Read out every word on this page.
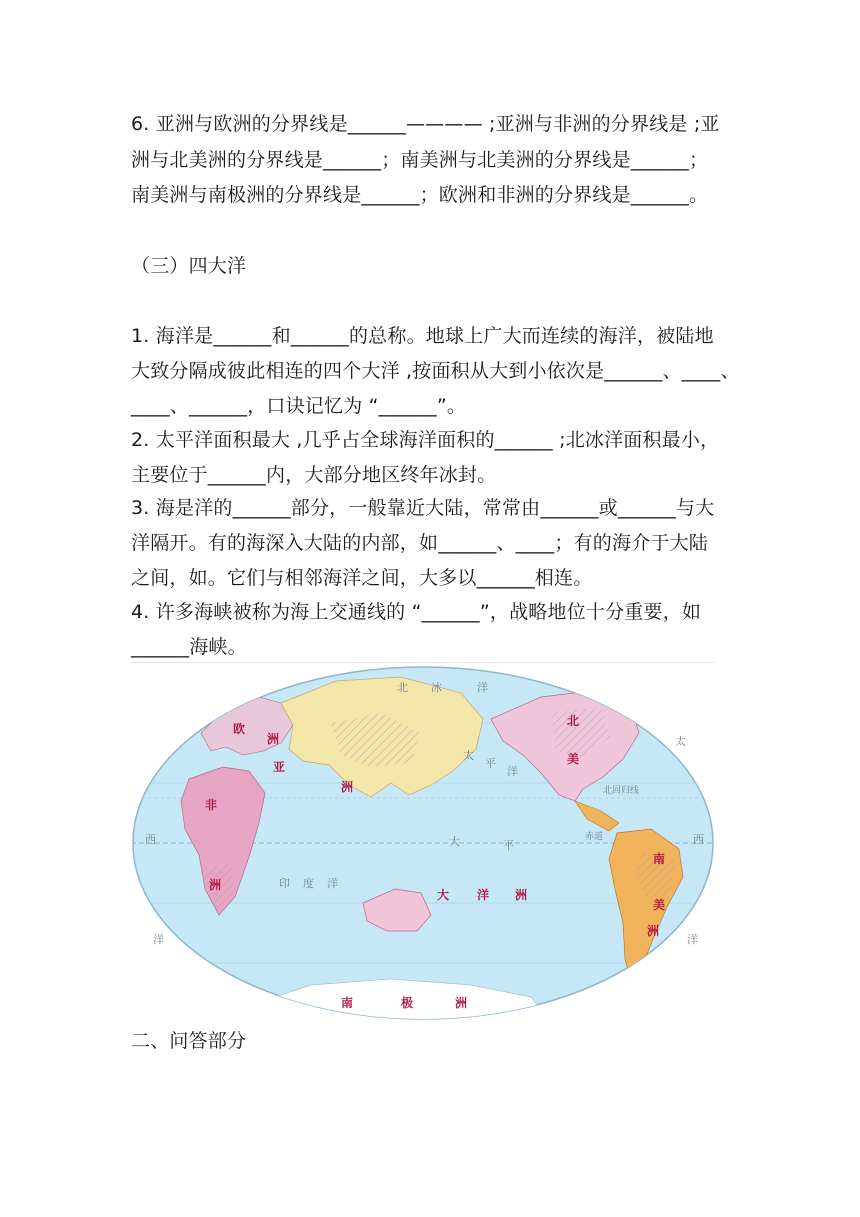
6. 亚洲与欧洲的分界线是______———— ;亚洲与非洲的分界线是 ;亚
洲与北美洲的分界线是______；南美洲与北美洲的分界线是______；
南美洲与南极洲的分界线是______；欧洲和非洲的分界线是______。
（三）四大洋
1. 海洋是______和______的总称。地球上广大而连续的海洋，被陆地
大致分隔成彼此相连的四个大洋 ,按面积从大到小依次是______、____、
____、______，口诀记忆为 “______”。
2. 太平洋面积最大 ,几乎占全球海洋面积的______ ;北冰洋面积最小，
主要位于______内，大部分地区终年冰封。
3. 海是洋的______部分，一般靠近大陆，常常由______或______与大
洋隔开。有的海深入大陆的内部，如______、____；有的海介于大陆
之间，如。它们与相邻海洋之间，大多以______相连。
4. 许多海峡被称为海上交通线的 “______”，战略地位十分重要，如
______海峡。
北 冰	洋
太
平
洋
大	平
太
印 度 洋
西
洋
西
洋
大 洋 洲
欧
洲
亚
洲
非
洲
北
美
南
美
洲
南	极	洲
赤道
北回归线
二、问答部分
